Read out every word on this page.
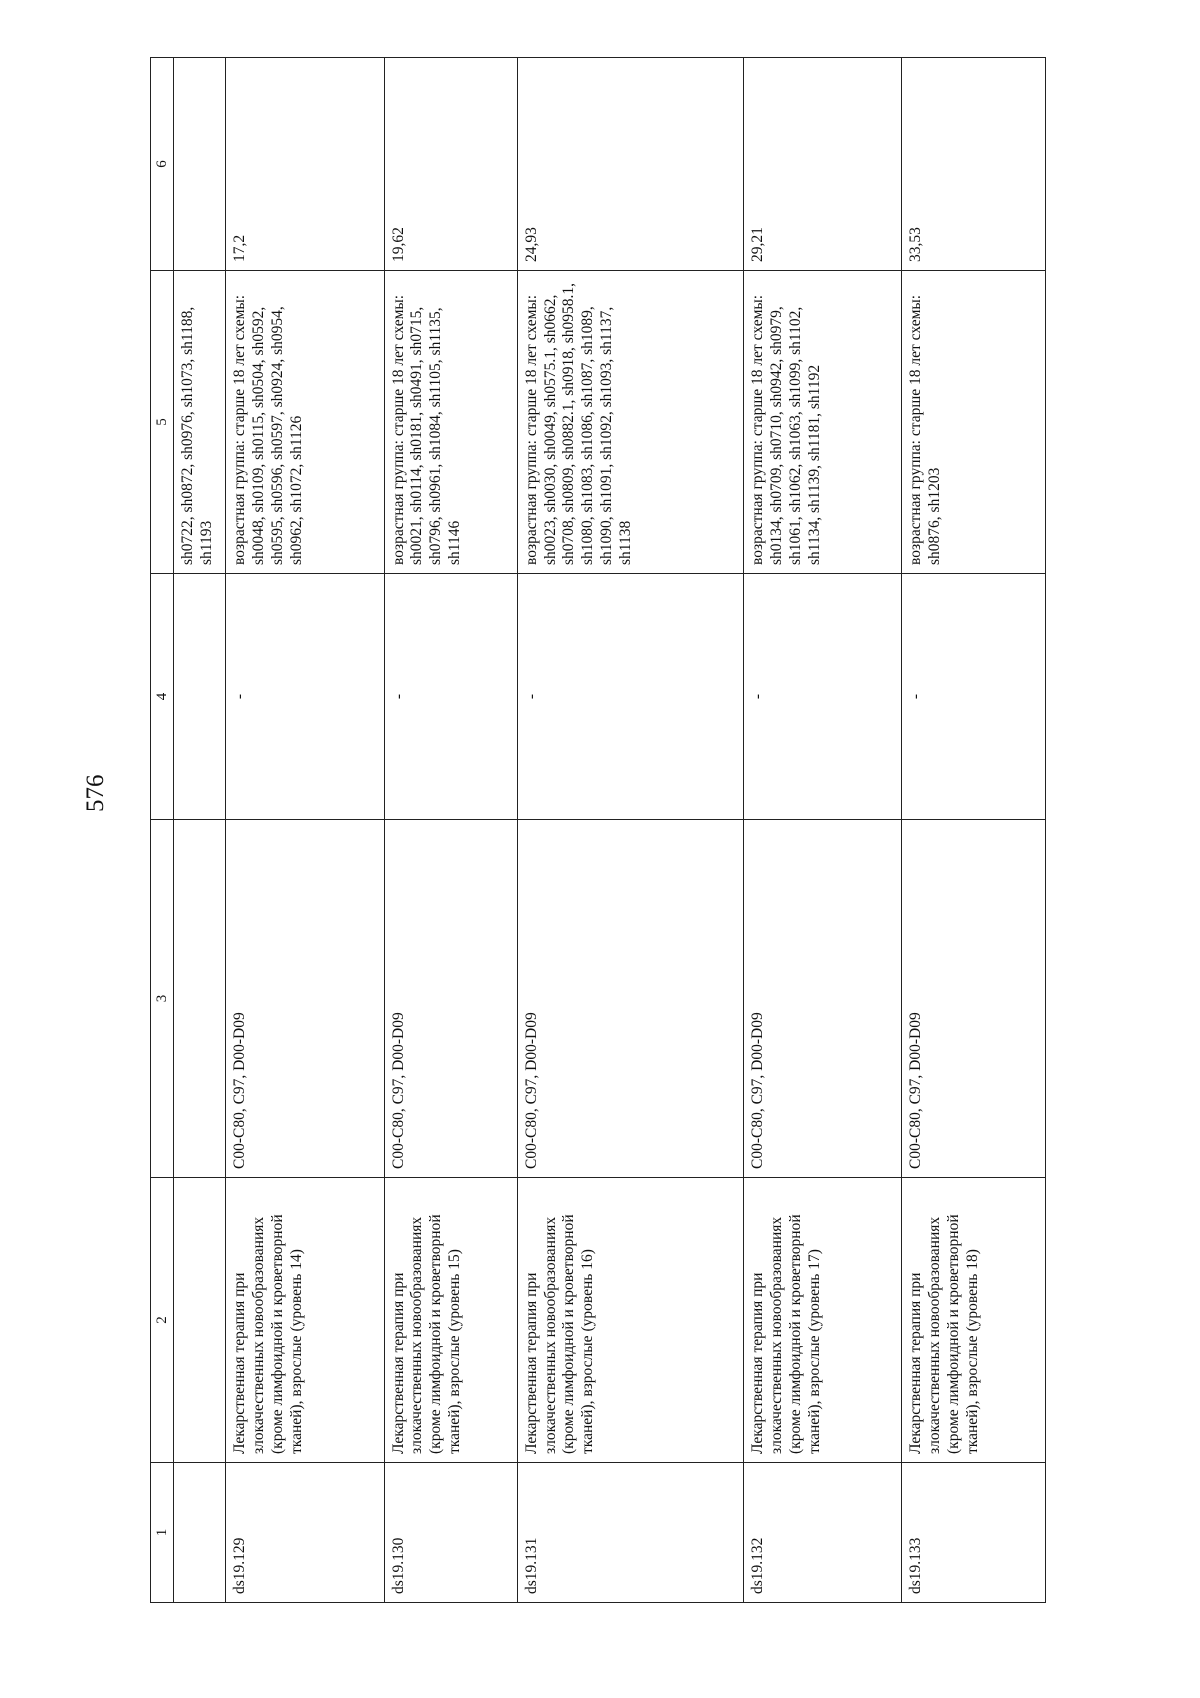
576
1	2	3	4	5	6
				sh0722, sh0872, sh0976, sh1073, sh1188, sh1193	
ds19.129	Лекарственная терапия при злокачественных новообразованиях (кроме лимфоидной и кроветворной тканей), взрослые (уровень 14)	C00-C80, C97, D00-D09	-	возрастная группа: старше 18 лет схемы: sh0048, sh0109, sh0115, sh0504, sh0592, sh0595, sh0596, sh0597, sh0924, sh0954, sh0962, sh1072, sh1126	17,2
ds19.130	Лекарственная терапия при злокачественных новообразованиях (кроме лимфоидной и кроветворной тканей), взрослые (уровень 15)	C00-C80, C97, D00-D09	-	возрастная группа: старше 18 лет схемы: sh0021, sh0114, sh0181, sh0491, sh0715, sh0796, sh0961, sh1084, sh1105, sh1135, sh1146	19,62
ds19.131	Лекарственная терапия при злокачественных новообразованиях (кроме лимфоидной и кроветворной тканей), взрослые (уровень 16)	C00-C80, C97, D00-D09	-	возрастная группа: старше 18 лет схемы: sh0023, sh0030, sh0049, sh0575.1, sh0662, sh0708, sh0809, sh0882.1, sh0918, sh0958.1, sh1080, sh1083, sh1086, sh1087, sh1089, sh1090, sh1091, sh1092, sh1093, sh1137, sh1138	24,93
ds19.132	Лекарственная терапия при злокачественных новообразованиях (кроме лимфоидной и кроветворной тканей), взрослые (уровень 17)	C00-C80, C97, D00-D09	-	возрастная группа: старше 18 лет схемы: sh0134, sh0709, sh0710, sh0942, sh0979, sh1061, sh1062, sh1063, sh1099, sh1102, sh1134, sh1139, sh1181, sh1192	29,21
ds19.133	Лекарственная терапия при злокачественных новообразованиях (кроме лимфоидной и кроветворной тканей), взрослые (уровень 18)	C00-C80, C97, D00-D09	-	возрастная группа: старше 18 лет схемы: sh0876, sh1203	33,53
